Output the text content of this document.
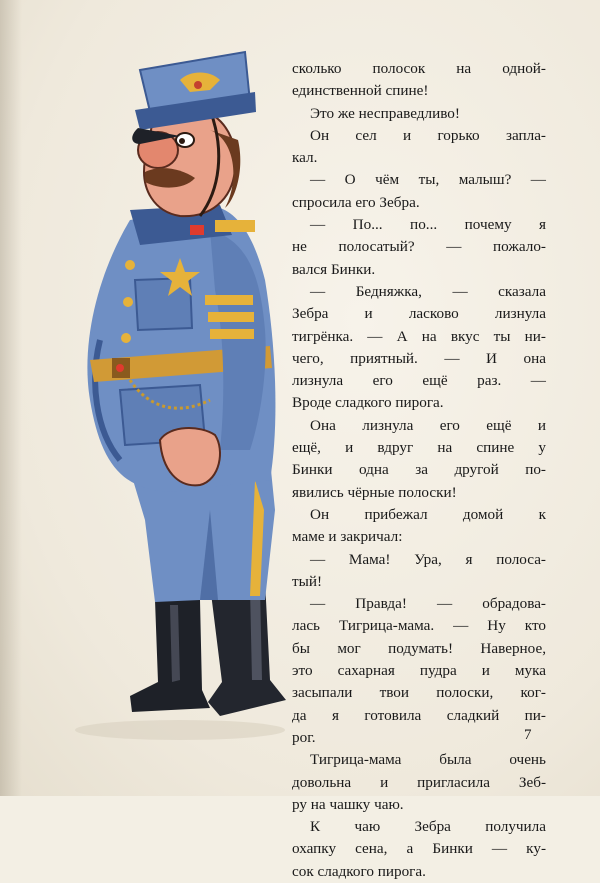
сколько полосок на одной-
единственной спине!
Это же несправедливо!
Он сел и горько запла-
кал.
— О чём ты, малыш? —
спросила его Зебра.
— По... по... почему я
не полосатый? — пожало-
вался Бинки.
— Бедняжка, — сказала
Зебра и ласково лизнула
тигрёнка. — А на вкус ты ни-
чего, приятный. — И она
лизнула его ещё раз. —
Вроде сладкого пирога.
Она лизнула его ещё и
ещё, и вдруг на спине у
Бинки одна за другой по-
явились чёрные полоски!
Он прибежал домой к
маме и закричал:
— Мама! Ура, я полоса-
тый!
— Правда! — обрадова-
лась Тигрица-мама. — Ну кто
бы мог подумать! Наверное,
это сахарная пудра и мука
засыпали твои полоски, ког-
да я готовила сладкий пи-
рог.
Тигрица-мама была очень
довольна и пригласила Зеб-
ру на чашку чаю.
К чаю Зебра получила
охапку сена, а Бинки — ку-
сок сладкого пирога.
7
